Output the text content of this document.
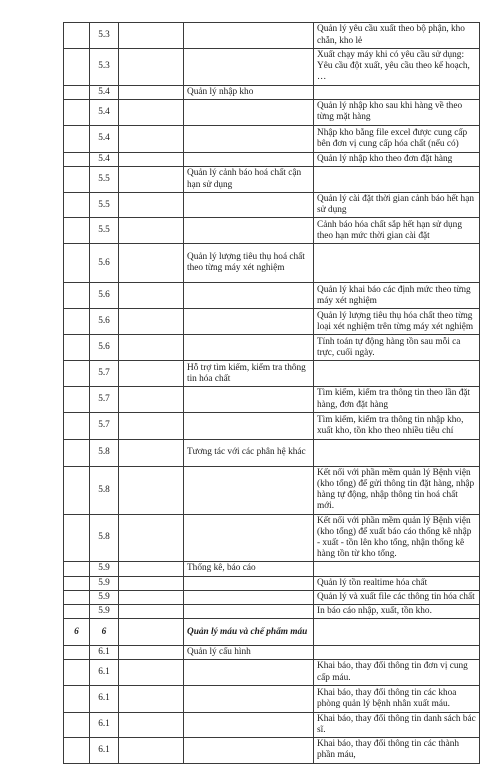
	5.3			Quản lý yêu cầu xuất theo bộ phận, kho chẵn, kho lẻ
	5.3			Xuất chạy máy khi có yêu cầu sử dụng: Yêu cầu đột xuất, yêu cầu theo kế hoạch, …
	5.4		Quản lý nhập kho	
	5.4			Quản lý nhập kho sau khi hàng về theo từng mặt hàng
	5.4			Nhập kho bằng file excel được cung cấp bên đơn vị cung cấp hóa chất (nếu có)
	5.4			Quản lý nhập kho theo đơn đặt hàng
	5.5		Quản lý cảnh báo hoá chất cận hạn sử dụng	
	5.5			Quản lý cài đặt thời gian cảnh báo hết hạn sử dụng
	5.5			Cảnh báo hóa chất sắp hết hạn sử dụng theo hạn mức thời gian cài đặt
	5.6		Quản lý lượng tiêu thụ hoá chất theo từng máy xét nghiệm	
	5.6			Quản lý khai báo các định mức theo từng máy xét nghiệm
	5.6			Quản lý lượng tiêu thụ hóa chất theo từng loại xét nghiệm trên từng máy xét nghiệm
	5.6			Tính toán tự động hàng tồn sau mỗi ca trực, cuối ngày.
	5.7		Hỗ trợ tìm kiếm, kiểm tra thông tin hóa chất	
	5.7			Tìm kiếm, kiểm tra thông tin theo lần đặt hàng, đơn đặt hàng
	5.7			Tìm kiếm, kiểm tra thông tin nhập kho, xuất kho, tồn kho theo nhiều tiêu chí
	5.8		Tương tác với các phân hệ khác	
	5.8			Kết nối với phần mềm quản lý Bệnh viện (kho tổng) để gửi thông tin đặt hàng, nhập hàng tự động, nhập thông tin hoá chất mới.
	5.8			Kết nối với phần mềm quản lý Bệnh viện (kho tổng) để xuất báo cáo thống kê nhập - xuất - tồn lên kho tổng, nhận thống kê hàng tồn từ kho tổng.
	5.9		Thống kê, báo cáo	
	5.9			Quản lý tồn realtime hóa chất
	5.9			Quản lý và xuất file các thông tin hóa chất
	5.9			In báo cáo nhập, xuất, tồn kho.
6	6		Quản lý máu và chế phẩm máu	
	6.1		Quản lý cấu hình	
	6.1			Khai báo, thay đổi thông tin đơn vị cung cấp máu.
	6.1			Khai báo, thay đổi thông tin các khoa phòng quản lý bệnh nhân xuất máu.
	6.1			Khai báo, thay đổi thông tin danh sách bác sĩ.
	6.1			Khai báo, thay đổi thông tin các thành phần máu,
